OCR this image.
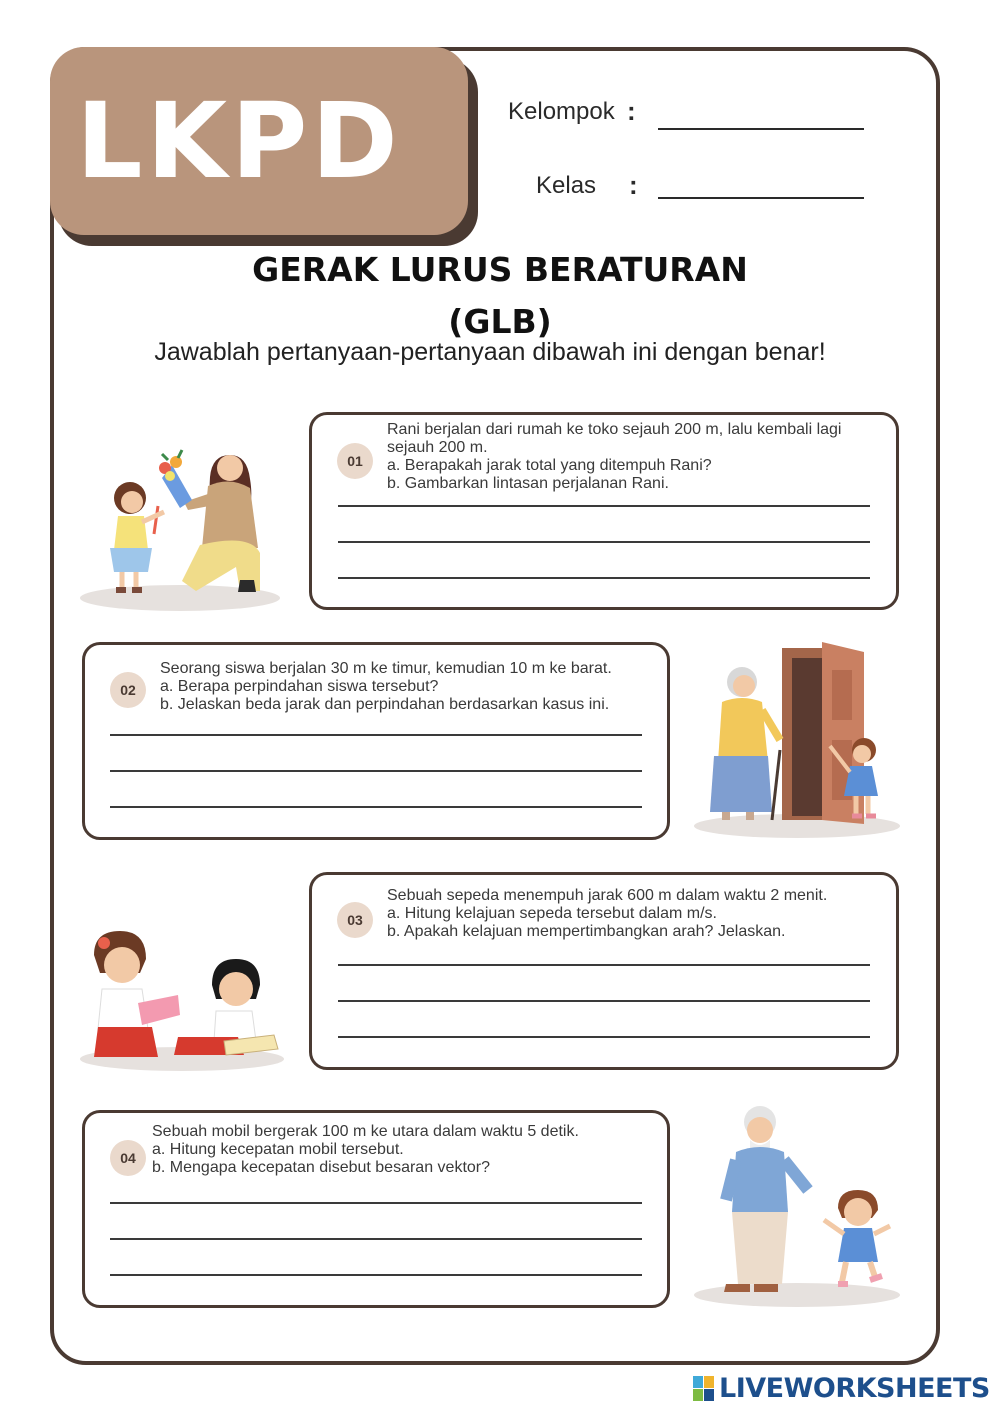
LKPD	Kelompok :
Kelas :
GERAK LURUS BERATURAN
(GLB)
Jawablah pertanyaan-pertanyaan dibawah ini dengan benar!
01
Rani berjalan dari rumah ke toko sejauh 200 m, lalu kembali lagi
sejauh 200 m.
a. Berapakah jarak total yang ditempuh Rani?
b. Gambarkan lintasan perjalanan Rani.
02
Seorang siswa berjalan 30 m ke timur, kemudian 10 m ke barat.
a. Berapa perpindahan siswa tersebut?
b. Jelaskan beda jarak dan perpindahan berdasarkan kasus ini.
03
Sebuah sepeda menempuh jarak 600 m dalam waktu 2 menit.
a. Hitung kelajuan sepeda tersebut dalam m/s.
b. Apakah kelajuan mempertimbangkan arah? Jelaskan.
04
Sebuah mobil bergerak 100 m ke utara dalam waktu 5 detik.
a. Hitung kecepatan mobil tersebut.
b. Mengapa kecepatan disebut besaran vektor?
LIVEWORKSHEETS
